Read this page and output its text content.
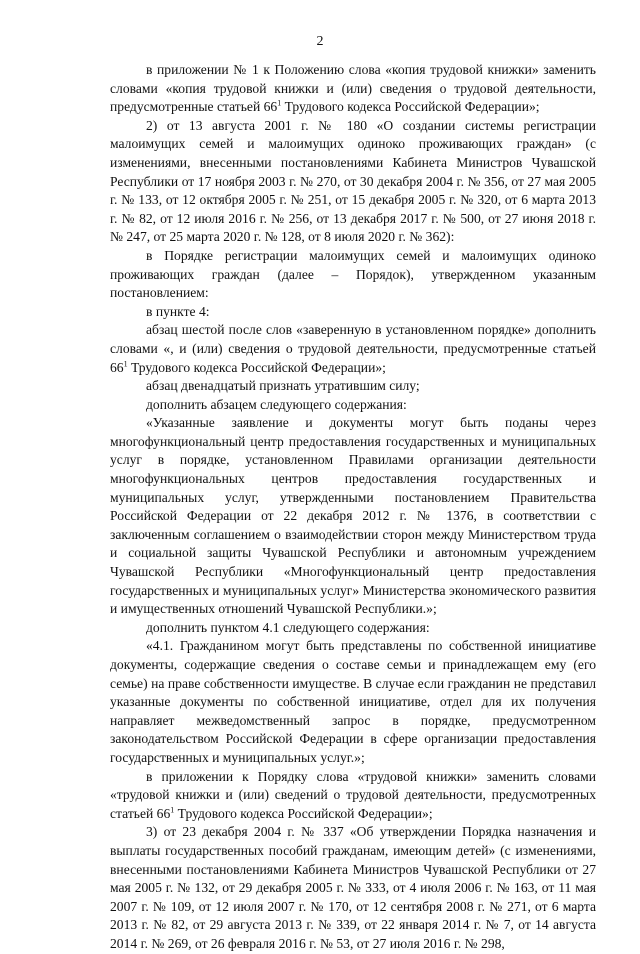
2

в приложении № 1 к Положению слова «копия трудовой книжки» заменить словами «копия трудовой книжки и (или) сведения о трудовой деятельности, предусмотренные статьей $66^1$ Трудового кодекса Российской Федерации»;

2) от 13 августа 2001 г. № 180 «О создании системы регистрации малоимущих семей и малоимущих одиноко проживающих граждан» (с изменениями, внесенными постановлениями Кабинета Министров Чувашской Республики от 17 ноября 2003 г. № 270, от 30 декабря 2004 г. № 356, от 27 мая 2005 г. № 133, от 12 октября 2005 г. № 251, от 15 декабря 2005 г. № 320, от 6 марта 2013 г. № 82, от 12 июля 2016 г. № 256, от 13 декабря 2017 г. № 500, от 27 июня 2018 г. № 247, от 25 марта 2020 г. № 128, от 8 июля 2020 г. № 362):

в Порядке регистрации малоимущих семей и малоимущих одиноко проживающих граждан (далее – Порядок), утвержденном указанным постановлением:

в пункте 4:

абзац шестой после слов «заверенную в установленном порядке» дополнить словами «, и (или) сведения о трудовой деятельности, предусмотренные статьей $66^1$ Трудового кодекса Российской Федерации»;

абзац двенадцатый признать утратившим силу;

дополнить абзацем следующего содержания:

«Указанные заявление и документы могут быть поданы через многофункциональный центр предоставления государственных и муниципальных услуг в порядке, установленном Правилами организации деятельности многофункциональных центров предоставления государственных и муниципальных услуг, утвержденными постановлением Правительства Российской Федерации от 22 декабря 2012 г. № 1376, в соответствии с заключенным соглашением о взаимодействии сторон между Министерством труда и социальной защиты Чувашской Республики и автономным учреждением Чувашской Республики «Многофункциональный центр предоставления государственных и муниципальных услуг» Министерства экономического развития и имущественных отношений Чувашской Республики.»;

дополнить пунктом 4.1 следующего содержания:

«4.1. Гражданином могут быть представлены по собственной инициативе документы, содержащие сведения о составе семьи и принадлежащем ему (его семье) на праве собственности имуществе. В случае если гражданин не представил указанные документы по собственной инициативе, отдел для их получения направляет межведомственный запрос в порядке, предусмотренном законодательством Российской Федерации в сфере организации предоставления государственных и муниципальных услуг.»;

в приложении к Порядку слова «трудовой книжки» заменить словами «трудовой книжки и (или) сведений о трудовой деятельности, предусмотренных статьей $66^1$ Трудового кодекса Российской Федерации»;

3) от 23 декабря 2004 г. № 337 «Об утверждении Порядка назначения и выплаты государственных пособий гражданам, имеющим детей» (с изменениями, внесенными постановлениями Кабинета Министров Чувашской Республики от 27 мая 2005 г. № 132, от 29 декабря 2005 г. № 333, от 4 июля 2006 г. № 163, от 11 мая 2007 г. № 109, от 12 июля 2007 г. № 170, от 12 сентября 2008 г. № 271, от 6 марта 2013 г. № 82, от 29 августа 2013 г. № 339, от 22 января 2014 г. № 7, от 14 августа 2014 г. № 269, от 26 февраля 2016 г. № 53, от 27 июля 2016 г. № 298,
